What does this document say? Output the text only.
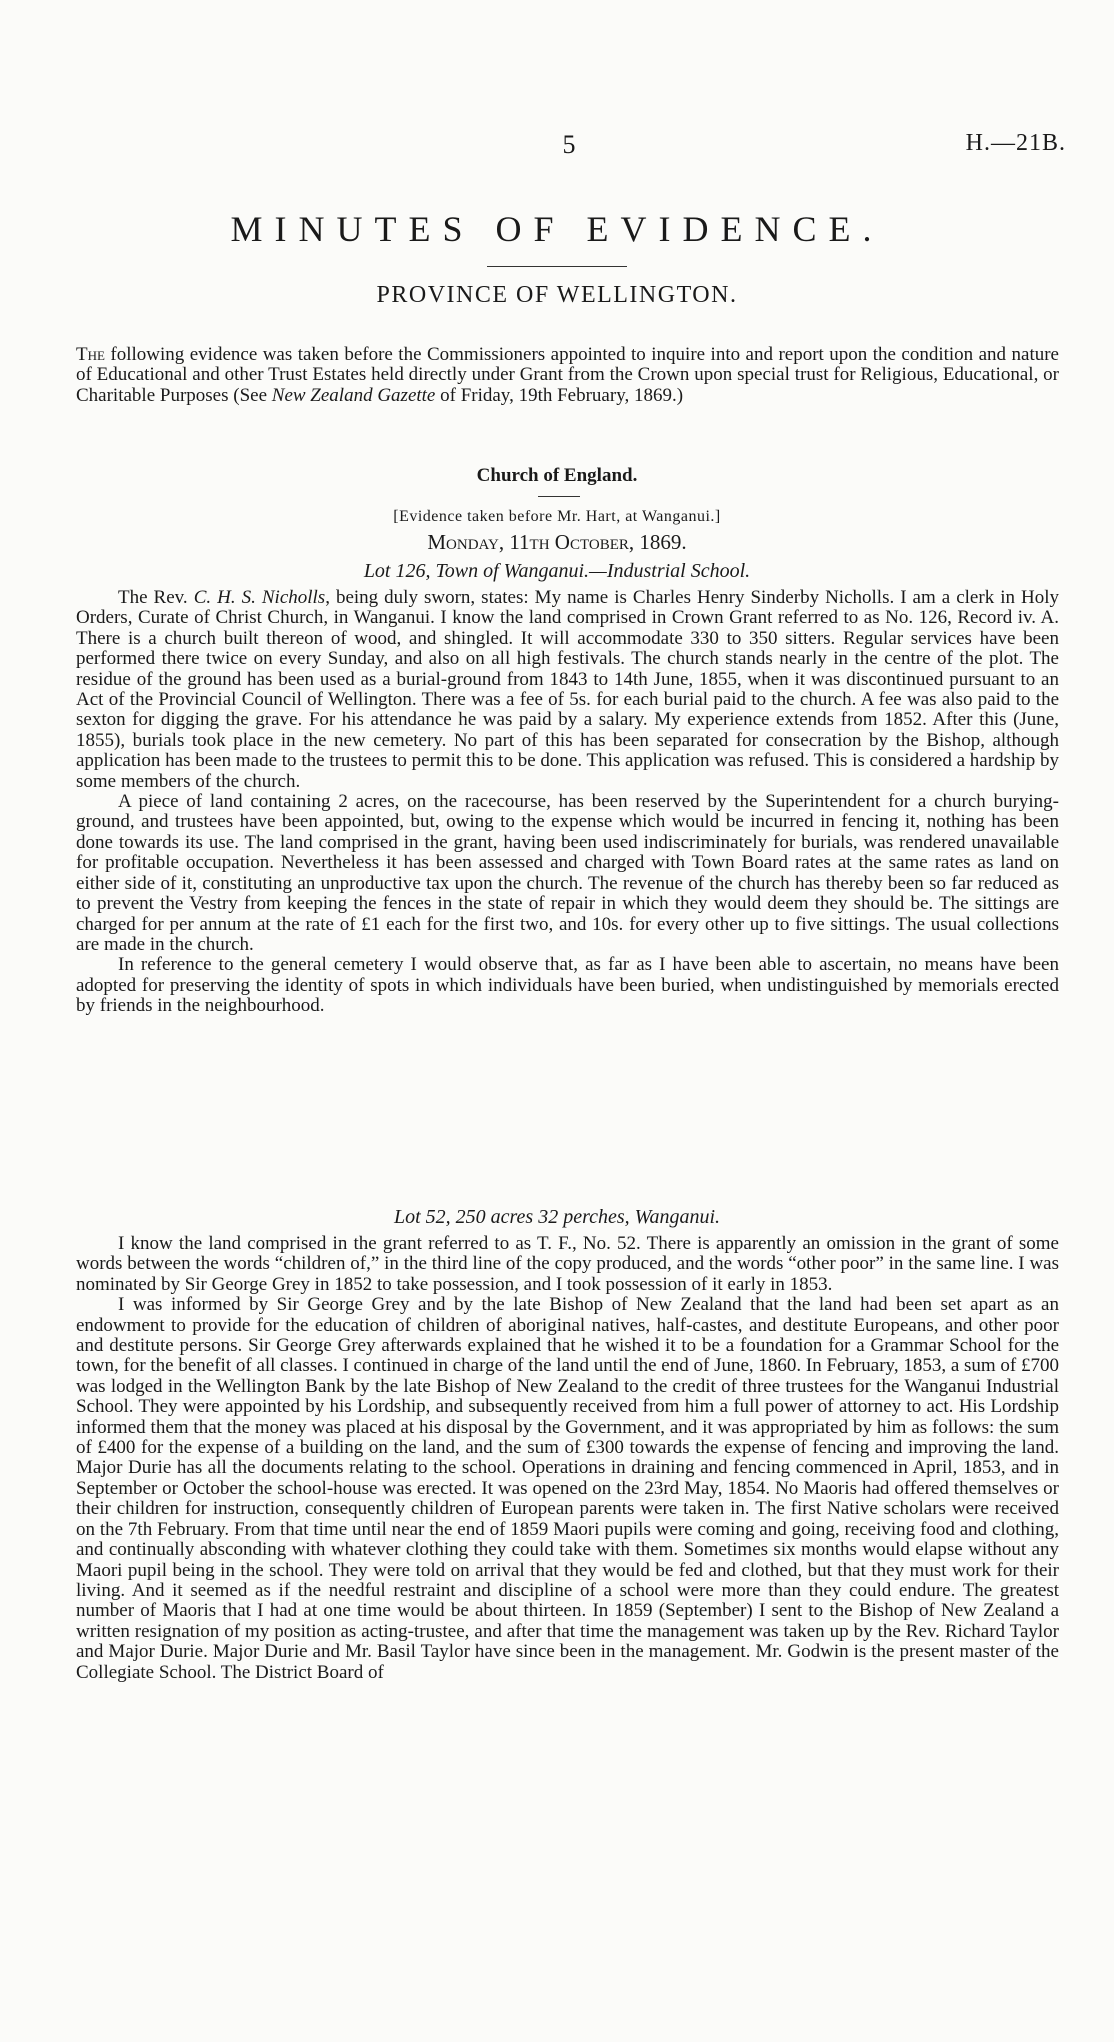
5	H.—21B.
MINUTES OF EVIDENCE.
PROVINCE OF WELLINGTON.

The following evidence was taken before the Commissioners appointed to inquire into and report upon the condition and nature of Educational and other Trust Estates held directly under Grant from the Crown upon special trust for Religious, Educational, or Charitable Purposes (See New Zealand Gazette of Friday, 19th February, 1869.)

Church of England.
[Evidence taken before Mr. Hart, at Wanganui.]
Monday, 11th October, 1869.
Lot 126, Town of Wanganui.—Industrial School.

The Rev. C. H. S. Nicholls, being duly sworn, states: My name is Charles Henry Sinderby Nicholls. I am a clerk in Holy Orders, Curate of Christ Church, in Wanganui. I know the land comprised in Crown Grant referred to as No. 126, Record iv. A. There is a church built thereon of wood, and shingled. It will accommodate 330 to 350 sitters. Regular services have been performed there twice on every Sunday, and also on all high festivals. The church stands nearly in the centre of the plot. The residue of the ground has been used as a burial-ground from 1843 to 14th June, 1855, when it was discontinued pursuant to an Act of the Provincial Council of Wellington. There was a fee of 5s. for each burial paid to the church. A fee was also paid to the sexton for digging the grave. For his attendance he was paid by a salary. My experience extends from 1852. After this (June, 1855), burials took place in the new cemetery. No part of this has been separated for consecration by the Bishop, although application has been made to the trustees to permit this to be done. This application was refused. This is considered a hardship by some members of the church.

A piece of land containing 2 acres, on the racecourse, has been reserved by the Superintendent for a church burying-ground, and trustees have been appointed, but, owing to the expense which would be incurred in fencing it, nothing has been done towards its use. The land comprised in the grant, having been used indiscriminately for burials, was rendered unavailable for profitable occupation. Nevertheless it has been assessed and charged with Town Board rates at the same rates as land on either side of it, constituting an unproductive tax upon the church. The revenue of the church has thereby been so far reduced as to prevent the Vestry from keeping the fences in the state of repair in which they would deem they should be. The sittings are charged for per annum at the rate of £1 each for the first two, and 10s. for every other up to five sittings. The usual collections are made in the church.

In reference to the general cemetery I would observe that, as far as I have been able to ascertain, no means have been adopted for preserving the identity of spots in which individuals have been buried, when undistinguished by memorials erected by friends in the neighbourhood.

Lot 52, 250 acres 32 perches, Wanganui.

I know the land comprised in the grant referred to as T. F., No. 52. There is apparently an omission in the grant of some words between the words “children of,” in the third line of the copy produced, and the words “other poor” in the same line. I was nominated by Sir George Grey in 1852 to take possession, and I took possession of it early in 1853.

I was informed by Sir George Grey and by the late Bishop of New Zealand that the land had been set apart as an endowment to provide for the education of children of aboriginal natives, half-castes, and destitute Europeans, and other poor and destitute persons. Sir George Grey afterwards explained that he wished it to be a foundation for a Grammar School for the town, for the benefit of all classes. I continued in charge of the land until the end of June, 1860. In February, 1853, a sum of £700 was lodged in the Wellington Bank by the late Bishop of New Zealand to the credit of three trustees for the Wanganui Industrial School. They were appointed by his Lordship, and subsequently received from him a full power of attorney to act. His Lordship informed them that the money was placed at his disposal by the Government, and it was appropriated by him as follows: the sum of £400 for the expense of a building on the land, and the sum of £300 towards the expense of fencing and improving the land. Major Durie has all the documents relating to the school. Operations in draining and fencing commenced in April, 1853, and in September or October the school-house was erected. It was opened on the 23rd May, 1854. No Maoris had offered themselves or their children for instruction, consequently children of European parents were taken in. The first Native scholars were received on the 7th February. From that time until near the end of 1859 Maori pupils were coming and going, receiving food and clothing, and continually absconding with whatever clothing they could take with them. Sometimes six months would elapse without any Maori pupil being in the school. They were told on arrival that they would be fed and clothed, but that they must work for their living. And it seemed as if the needful restraint and discipline of a school were more than they could endure. The greatest number of Maoris that I had at one time would be about thirteen. In 1859 (September) I sent to the Bishop of New Zealand a written resignation of my position as acting-trustee, and after that time the management was taken up by the Rev. Richard Taylor and Major Durie. Major Durie and Mr. Basil Taylor have since been in the management. Mr. Godwin is the present master of the Collegiate School. The District Board of
